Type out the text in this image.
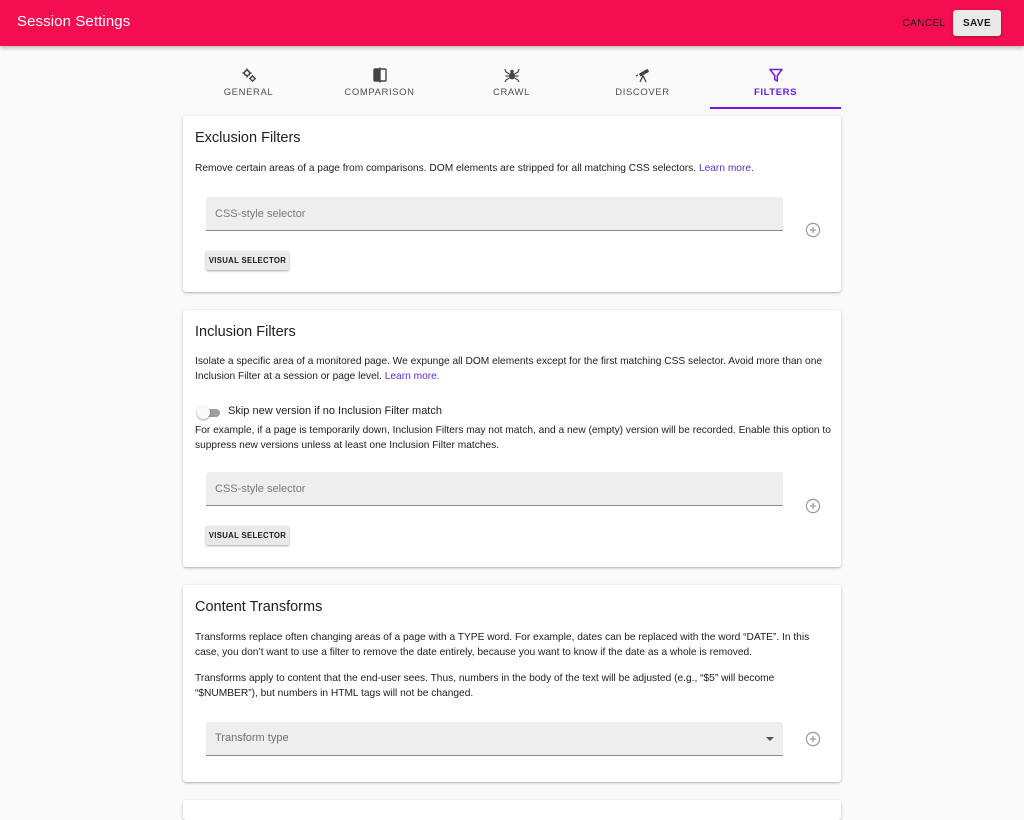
Session Settings	CANCEL	SAVE
GENERAL	COMPARISON	CRAWL	DISCOVER	FILTERS
Exclusion Filters

Remove certain areas of a page from comparisons. DOM elements are stripped for all matching CSS selectors. Learn more.

CSS-style selector
VISUAL SELECTOR
Inclusion Filters

Isolate a specific area of a monitored page. We expunge all DOM elements except for the first matching CSS selector. Avoid more than one Inclusion Filter at a session or page level. Learn more.

Skip new version if no Inclusion Filter match

For example, if a page is temporarily down, Inclusion Filters may not match, and a new (empty) version will be recorded. Enable this option to suppress new versions unless at least one Inclusion Filter matches.

CSS-style selector
VISUAL SELECTOR
Content Transforms

Transforms replace often changing areas of a page with a TYPE word. For example, dates can be replaced with the word “DATE”. In this case, you don’t want to use a filter to remove the date entirely, because you want to know if the date as a whole is removed.

Transforms apply to content that the end-user sees. Thus, numbers in the body of the text will be adjusted (e.g., “$5” will become “$NUMBER”), but numbers in HTML tags will not be changed.

Transform type
